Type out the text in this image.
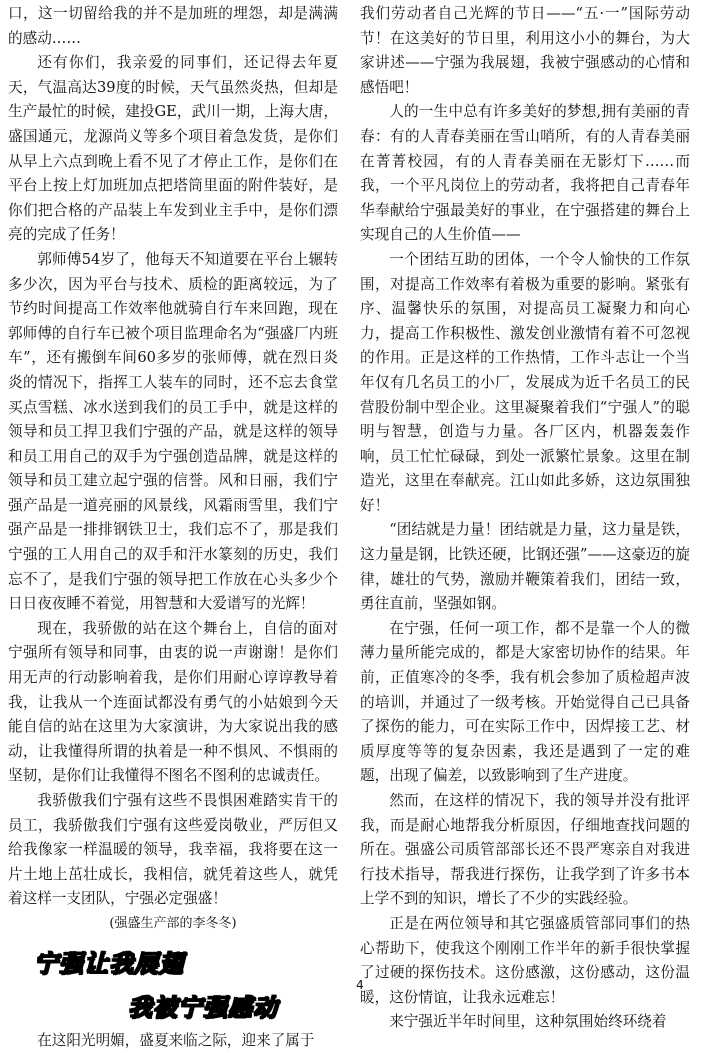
口，这一切留给我的并不是加班的埋怨，却是满满的感动……

还有你们，我亲爱的同事们，还记得去年夏天，气温高达39度的时候，天气虽然炎热，但却是生产最忙的时候，建投GE，武川一期，上海大唐，盛国通元，龙源尚义等多个项目着急发货，是你们从早上六点到晚上看不见了才停止工作，是你们在平台上按上灯加班加点把塔筒里面的附件装好，是你们把合格的产品装上车发到业主手中，是你们漂亮的完成了任务！

郭师傅54岁了，他每天不知道要在平台上辗转多少次，因为平台与技术、质检的距离较远，为了节约时间提高工作效率他就骑自行车来回跑，现在郭师傅的自行车已被个项目监理命名为“强盛厂内班车”，还有搬倒车间60多岁的张师傅，就在烈日炎炎的情况下，指挥工人装车的同时，还不忘去食堂买点雪糕、冰水送到我们的员工手中，就是这样的领导和员工捍卫我们宁强的产品，就是这样的领导和员工用自己的双手为宁强创造品牌，就是这样的领导和员工建立起宁强的信誉。风和日丽，我们宁强产品是一道亮丽的风景线，风霜雨雪里，我们宁强产品是一排排钢铁卫士，我们忘不了，那是我们宁强的工人用自己的双手和汗水篆刻的历史，我们忘不了，是我们宁强的领导把工作放在心头多少个日日夜夜睡不着觉，用智慧和大爱谱写的光辉！

现在，我骄傲的站在这个舞台上，自信的面对宁强所有领导和同事，由衷的说一声谢谢！是你们用无声的行动影响着我，是你们用耐心谆谆教导着我，让我从一个连面试都没有勇气的小姑娘到今天能自信的站在这里为大家演讲，为大家说出我的感动，让我懂得所谓的执着是一种不惧风、不惧雨的坚韧，是你们让我懂得不图名不图利的忠诚责任。

我骄傲我们宁强有这些不畏惧困难踏实肯干的员工，我骄傲我们宁强有这些爱岗敬业，严厉但又给我像家一样温暖的领导，我幸福，我将要在这一片土地上茁壮成长，我相信，就凭着这些人，就凭着这样一支团队，宁强必定强盛！

(强盛生产部的李冬冬)

宁强让我展翅
我被宁强感动

在这阳光明媚，盛夏来临之际，迎来了属于

我们劳动者自己光辉的节日——“五·一”国际劳动节！在这美好的节日里，利用这小小的舞台，为大家讲述——宁强为我展翅，我被宁强感动的心情和感悟吧！

人的一生中总有许多美好的梦想,拥有美丽的青春：有的人青春美丽在雪山哨所，有的人青春美丽在菁菁校园，有的人青春美丽在无影灯下……而我，一个平凡岗位上的劳动者，我将把自己青春年华奉献给宁强最美好的事业，在宁强搭建的舞台上实现自己的人生价值——

一个团结互助的团体，一个令人愉快的工作氛围，对提高工作效率有着极为重要的影响。紧张有序、温馨快乐的氛围，对提高员工凝聚力和向心力，提高工作积极性、激发创业激情有着不可忽视的作用。正是这样的工作热情，工作斗志让一个当年仅有几名员工的小厂，发展成为近千名员工的民营股份制中型企业。这里凝聚着我们“宁强人”的聪明与智慧，创造与力量。各厂区内，机器轰轰作响，员工忙忙碌碌，到处一派繁忙景象。这里在制造光，这里在奉献亮。江山如此多娇，这边氛围独好！

“团结就是力量！团结就是力量，这力量是铁，这力量是钢，比铁还硬，比钢还强”——这豪迈的旋律，雄壮的气势，激励并鞭策着我们，团结一致，勇往直前，坚强如钢。

在宁强，任何一项工作，都不是靠一个人的微薄力量所能完成的，都是大家密切协作的结果。年前，正值寒冷的冬季，我有机会参加了质检超声波的培训，并通过了一级考核。开始觉得自己已具备了探伤的能力，可在实际工作中，因焊接工艺、材质厚度等等的复杂因素，我还是遇到了一定的难题，出现了偏差，以致影响到了生产进度。

然而，在这样的情况下，我的领导并没有批评我，而是耐心地帮我分析原因，仔细地查找问题的所在。强盛公司质管部部长还不畏严寒亲自对我进行技术指导，帮我进行探伤，让我学到了许多书本上学不到的知识，增长了不少的实践经验。

正是在两位领导和其它强盛质管部同事们的热心帮助下，使我这个刚刚工作半年的新手很快掌握了过硬的探伤技术。这份感激，这份感动，这份温暖，这份情谊，让我永远难忘！

来宁强近半年时间里，这种氛围始终环绕着

4
